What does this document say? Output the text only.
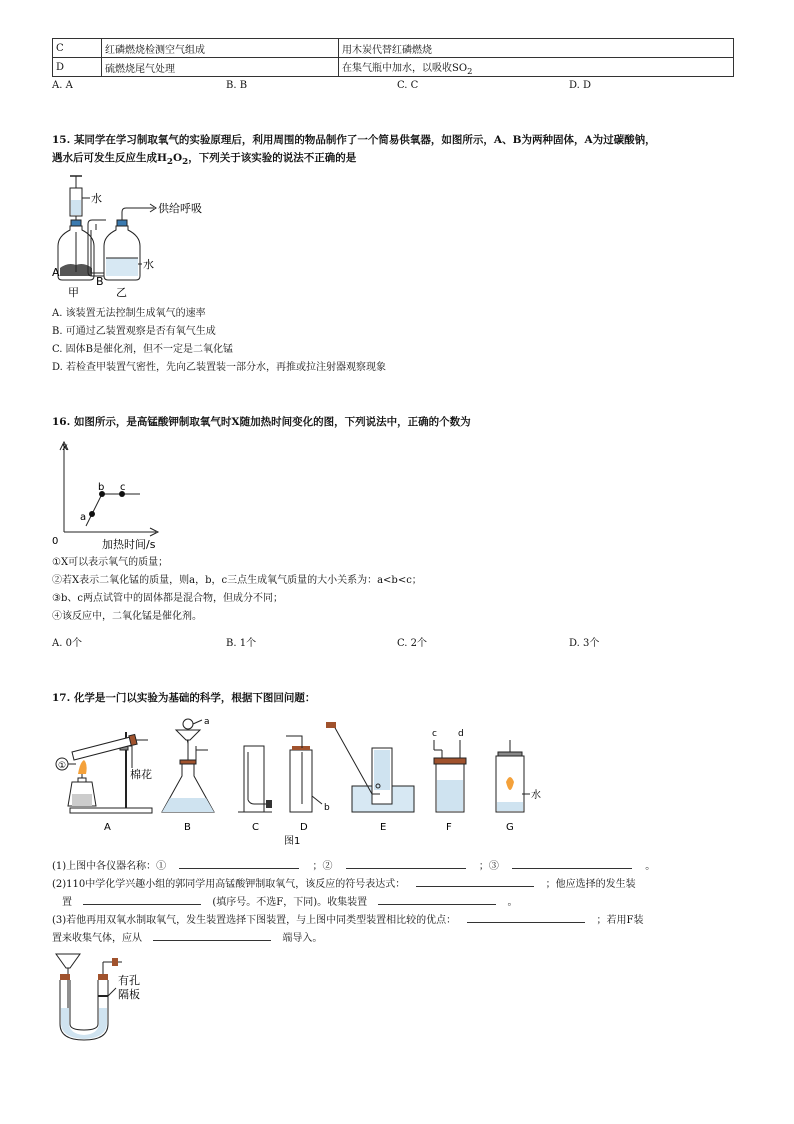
C	红磷燃烧检测空气组成	用木炭代替红磷燃烧
D	硫燃烧尾气处理	在集气瓶中加水，以吸收$SO_2$
A. A	B. B	C. C	D. D
15. 某同学在学习制取氧气的实验原理后，利用周围的物品制作了一个简易供氧器，如图所示，A、B为两种固体，A为过碳酸钠，
遇水后可发生反应生成$H_2O_2$，下列关于该实验的说法不正确的是
水
供给呼吸
水
A
B
甲	乙
A. 该装置无法控制生成氧气的速率
B. 可通过乙装置观察是否有氧气生成
C. 固体B是催化剂，但不一定是二氧化锰
D. 若检查甲装置气密性，先向乙装置装一部分水，再推或拉注射器观察现象
16. 如图所示，是高锰酸钾制取氧气时X随加热时间变化的图，下列说法中，正确的个数为
x
0	加热时间/s
a
b c
①X可以表示氧气的质量；
②若X表示二氧化锰的质量，则a，b，c三点生成氧气质量的大小关系为：a<b<c；
③b、c两点试管中的固体都是混合物，但成分不同；
④该反应中，二氧化锰是催化剂。
A. 0个	B. 1个	C. 2个	D. 3个
17. 化学是一门以实验为基础的科学，根据下图回问题：
①
棉花
a
b
c d
水
A	B	C	D	E	F	G
图1
(1)上图中各仪器名称：①	；②	；③	。
(2)110中学化学兴趣小组的郭同学用高锰酸钾制取氧气，该反应的符号表达式：	；他应选择的发生装
置	(填序号。不选F，下同)。收集装置	。
(3)若他再用双氧水制取氧气，发生装置选择下图装置，与上图中同类型装置相比较的优点：	；若用F装
置来收集气体，应从	端导入。
有孔
隔板
